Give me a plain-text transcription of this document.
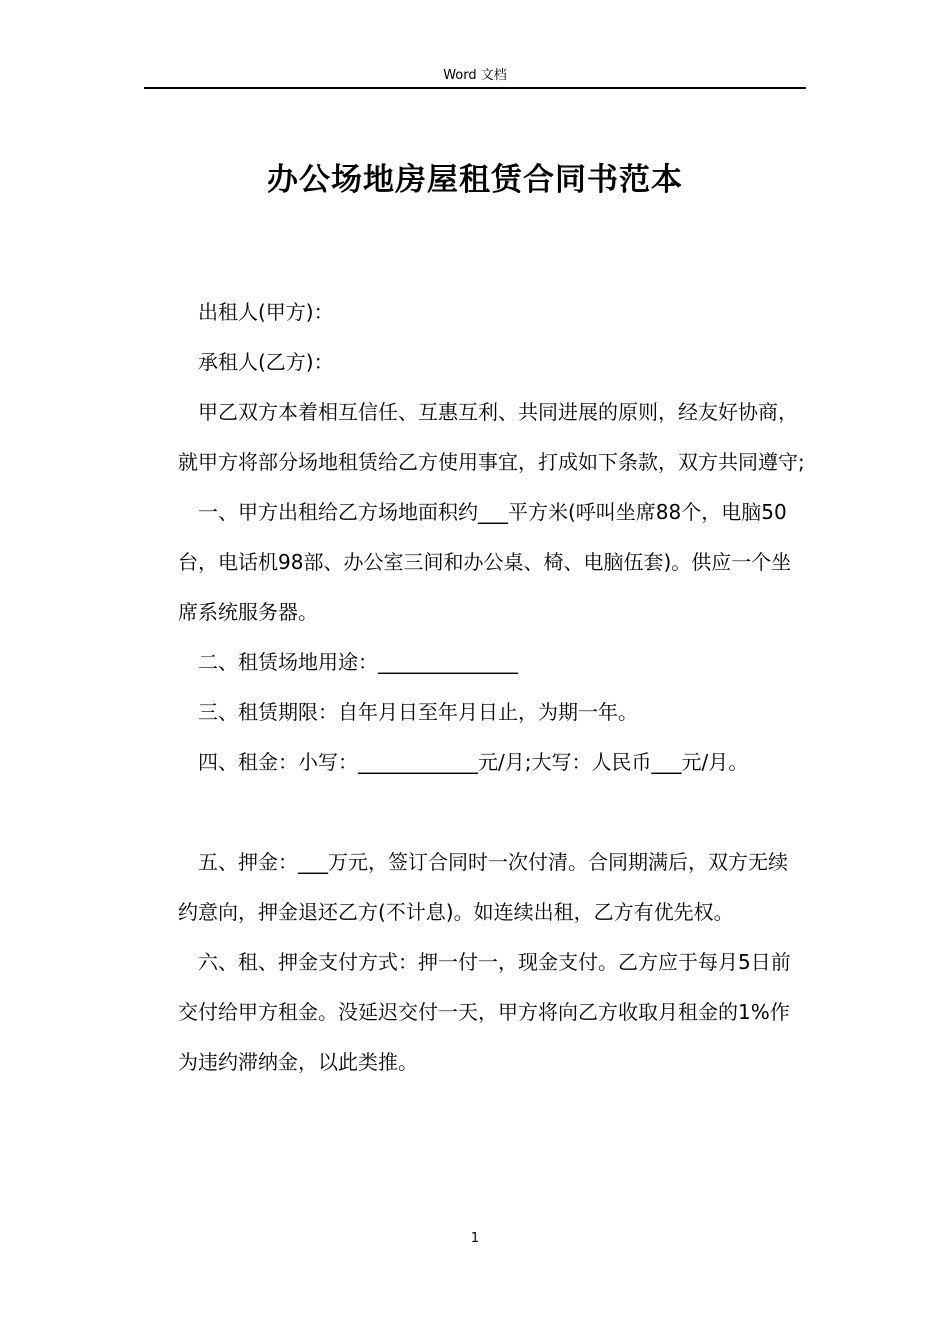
Word 文档
办公场地房屋租赁合同书范本

出租人(甲方)：

承租人(乙方)：

甲乙双方本着相互信任、互惠互利、共同进展的原则，经友好协商，就甲方将部分场地租赁给乙方使用事宜，打成如下条款，双方共同遵守;

一、甲方出租给乙方场地面积约___平方米(呼叫坐席88个，电脑50台，电话机98部、办公室三间和办公桌、椅、电脑伍套)。供应一个坐席系统服务器。

二、租赁场地用途：______________

三、租赁期限：自年月日至年月日止，为期一年。

四、租金：小写：____________元/月;大写：人民币___元/月。

五、押金：___万元，签订合同时一次付清。合同期满后，双方无续约意向，押金退还乙方(不计息)。如连续出租，乙方有优先权。

六、租、押金支付方式：押一付一，现金支付。乙方应于每月5日前交付给甲方租金。没延迟交付一天，甲方将向乙方收取月租金的1%作为违约滞纳金，以此类推。

1
